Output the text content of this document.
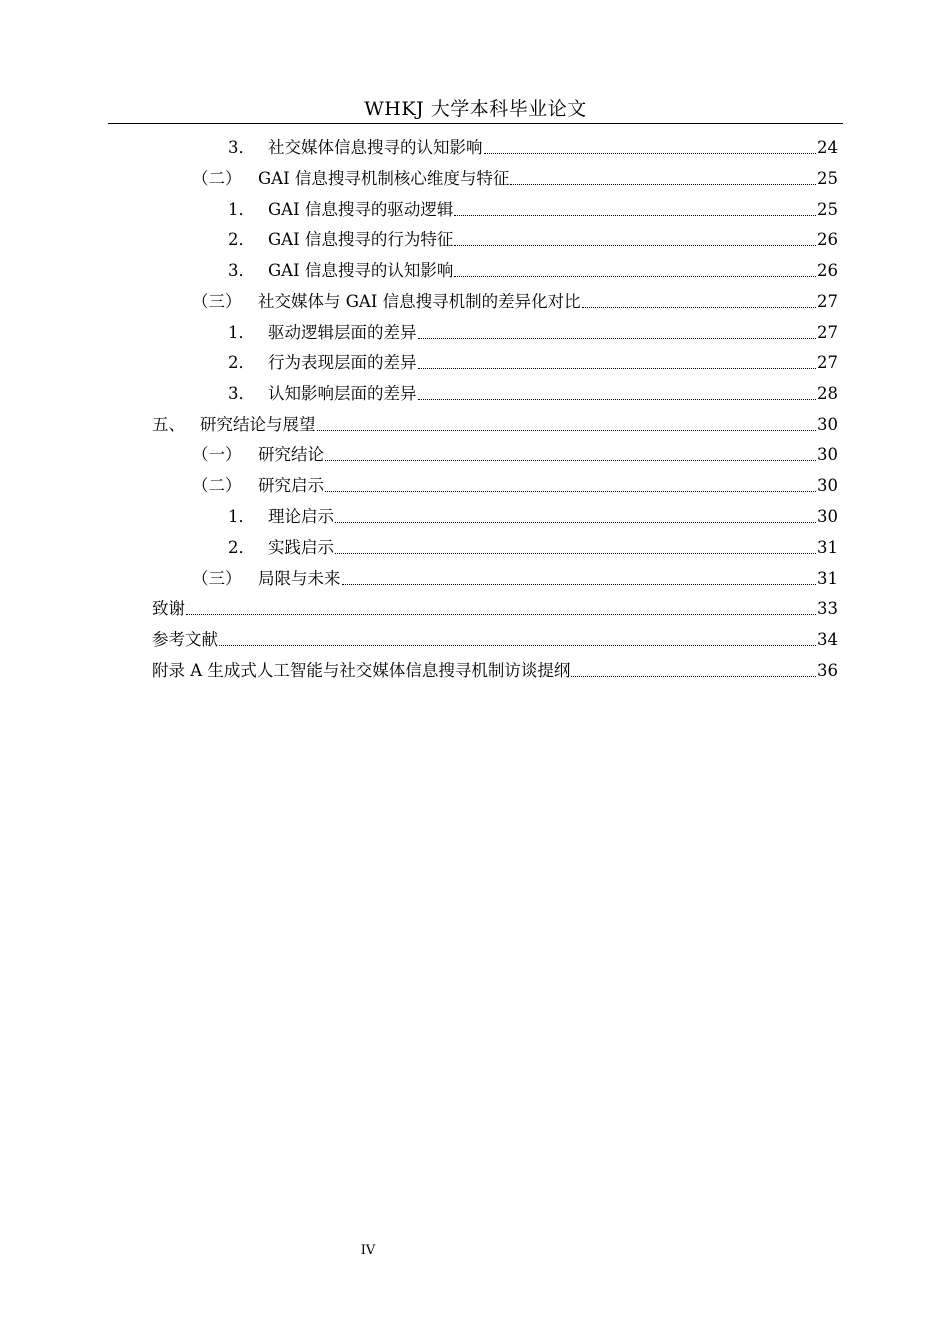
WHKJ 大学本科毕业论文
3． 社交媒体信息搜寻的认知影响	24
（二） GAI 信息搜寻机制核心维度与特征	25
1． GAI 信息搜寻的驱动逻辑	25
2． GAI 信息搜寻的行为特征	26
3． GAI 信息搜寻的认知影响	26
（三） 社交媒体与 GAI 信息搜寻机制的差异化对比	27
1． 驱动逻辑层面的差异	27
2． 行为表现层面的差异	27
3． 认知影响层面的差异	28
五、 研究结论与展望	30
（一） 研究结论	30
（二） 研究启示	30
1． 理论启示	30
2． 实践启示	31
（三） 局限与未来	31
致谢	33
参考文献	34
附录 A 生成式人工智能与社交媒体信息搜寻机制访谈提纲	36
IV
